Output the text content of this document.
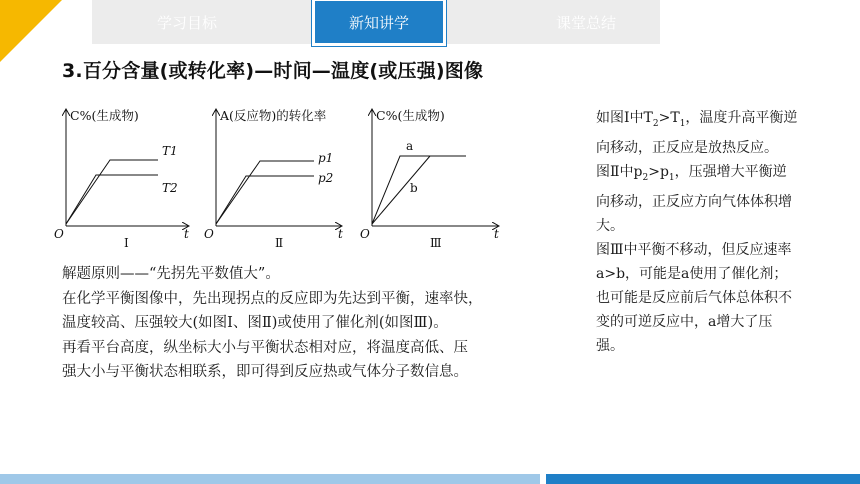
学习目标	新知讲学	课堂总结
3.百分含量(或转化率)—时间—温度(或压强)图像
C%(生成物)
t
O
Ⅰ
T1
T2
A(反应物)的转化率
t
O
Ⅱ
p1
p2
C%(生成物)
t
O
Ⅲ
a
b

解题原则——“先拐先平数值大”。

在化学平衡图像中，先出现拐点的反应即为先达到平衡，速率快，

温度较高、压强较大(如图Ⅰ、图Ⅱ)或使用了催化剂(如图Ⅲ)。

再看平台高度，纵坐标大小与平衡状态相对应，将温度高低、压

强大小与平衡状态相联系，即可得到反应热或气体分子数信息。

如图Ⅰ中$T_2>T_1$，温度升高平衡逆向移动，正反应是放热反应。

图Ⅱ中$p_2>p_1$，压强增大平衡逆向移动，正反应方向气体体积增大。

图Ⅲ中平衡不移动，但反应速率a>b，可能是a使用了催化剂；也可能是反应前后气体总体积不变的可逆反应中，a增大了压强。
